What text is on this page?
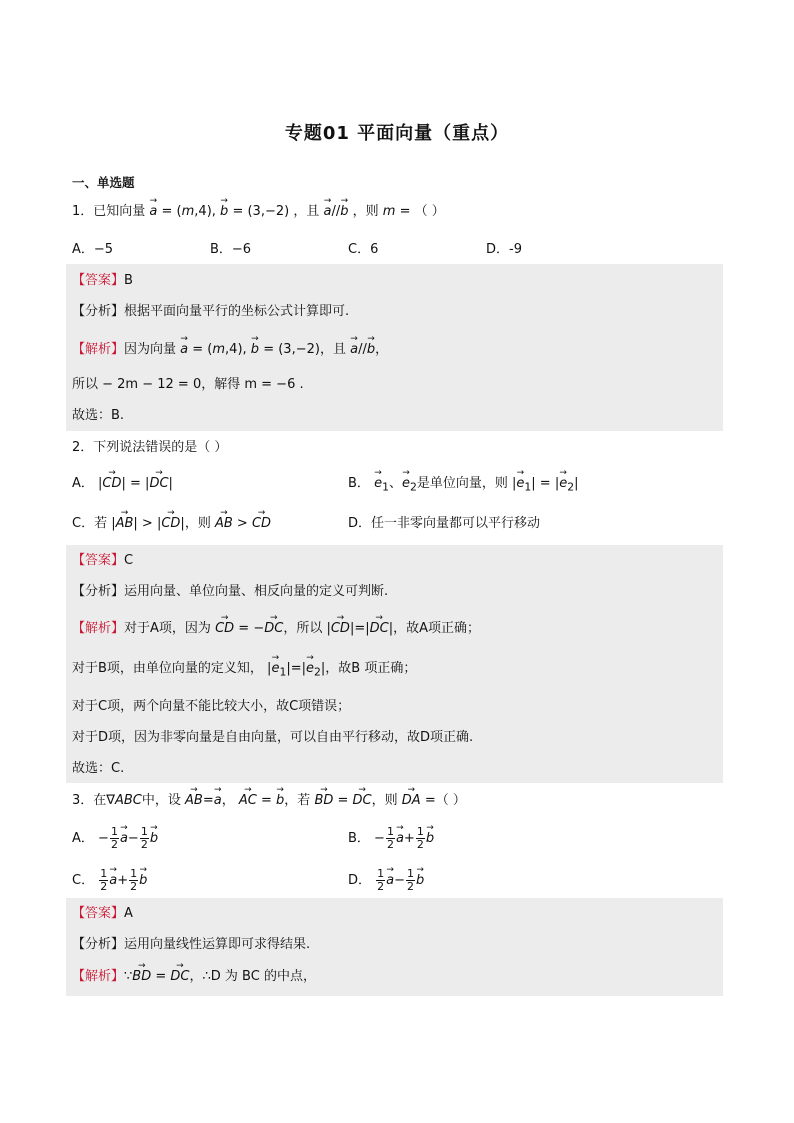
专题01 平面向量（重点）
一、单选题
1．已知向量 → a = (m,4), → b = (3,−2) ，且 → a//→ b ，则 m = （ ）
A．−5	B．−6	C．6	D．-9
【答案】B
【分析】根据平面向量平行的坐标公式计算即可.
【解析】因为向量 → a = (m,4), → b = (3,−2)，且 → a//→ b，
所以 − 2m − 12 = 0，解得 m = −6 .
故选：B.
2．下列说法错误的是（ ）
A． |→ CD| = |→ DC|	B． → $e_1$、→ $e_2$是单位向量，则 |→ $e_1|$ = |→ $e_2|$
C．若 |→ AB| > |→ CD|，则 → AB > → CD	D．任一非零向量都可以平行移动
【答案】C
【分析】运用向量、单位向量、相反向量的定义可判断.
【解析】对于A项，因为 → CD = −→ DC，所以 |→ CD|=|→ DC|，故A项正确；
对于B项，由单位向量的定义知， |→ $e_1|=|\to e_2|$，故B 项正确；
对于C项，两个向量不能比较大小，故C项错误；
对于D项，因为非零向量是自由向量，可以自由平行移动，故D项正确.
故选：C.
3．在∇ABC中，设 → AB=→ a， → AC = → b，若 → BD = → DC，则 → DA =（ ）
A． − $\frac{1}{2}$
→ $a- \frac{1}{2}$
→ b	B． − $\frac{1}{2}$
→ $a+ \frac{1}{2}$
→ b
C． $\frac{1}{2}$
→ $a+ \frac{1}{2}$
→ b	D． $\frac{1}{2}$
→ $a- \frac{1}{2}$
→ b
【答案】A
【分析】运用向量线性运算即可求得结果.
【解析】∵→ BD = → DC，∴D 为 BC 的中点，
